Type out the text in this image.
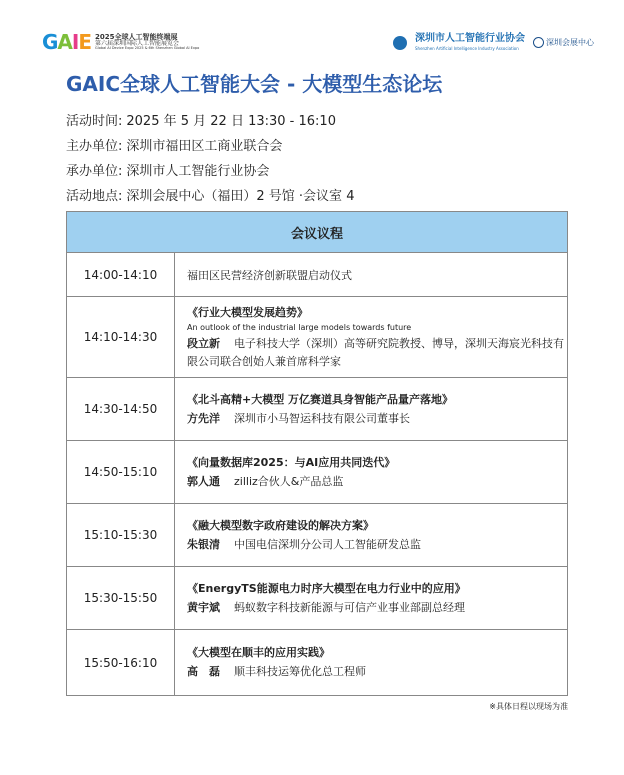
GAIE 2025全球人工智能终端展
第六届深圳国际人工智能展览会
Global AI Device Expo 2025 & 6th Shenzhen Global AI Expo
深圳市人工智能行业协会
Shenzhen Artificial Intelligence Industry Association
深圳会展中心
GAIC全球人工智能大会 - 大模型生态论坛
活动时间: 2025 年 5 月 22 日 13:30 - 16:10
主办单位: 深圳市福田区工商业联合会
承办单位: 深圳市人工智能行业协会
活动地点: 深圳会展中心（福田）2 号馆 ·会议室 4
会议议程	
14:00-14:10	福田区民营经济创新联盟启动仪式
14:10-14:30	《行业大模型发展趋势》
An outlook of the industrial large models towards future
段立新 电子科技大学（深圳）高等研究院教授、博导，深圳天海宸光科技有限公司联合创始人兼首席科学家

14:30-14:50	《北斗高精+大模型 万亿赛道具身智能产品量产落地》
方先洋 深圳市小马智运科技有限公司董事长

14:50-15:10	《向量数据库2025：与AI应用共同迭代》
郭人通 zilliz合伙人&产品总监

15:10-15:30	《融大模型数字政府建设的解决方案》
朱银清 中国电信深圳分公司人工智能研发总监

15:30-15:50	《EnergyTS能源电力时序大模型在电力行业中的应用》
黄宇斌 蚂蚁数字科技新能源与可信产业事业部副总经理

15:50-16:10	《大模型在顺丰的应用实践》
高　磊 顺丰科技运筹优化总工程师
※具体日程以现场为准
